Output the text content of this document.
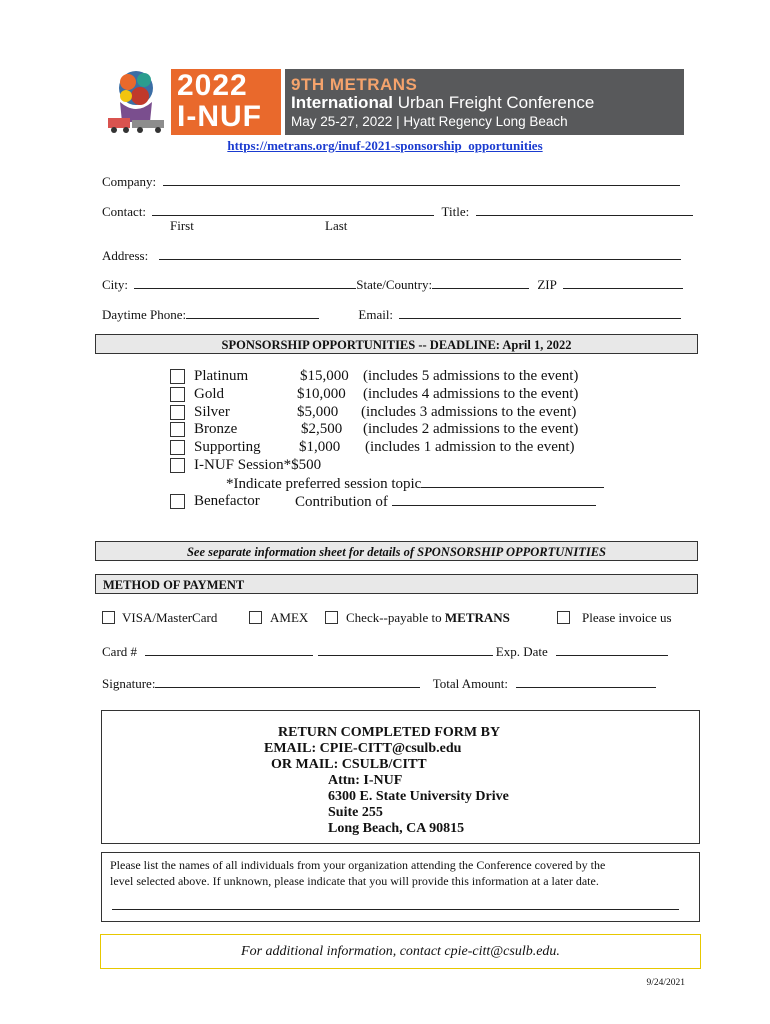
2022
I-NUF
9TH METRANS
International Urban Freight Conference
May 25-27, 2022 | Hyatt Regency Long Beach
https://metrans.org/inuf-2021-sponsorship_opportunities
Company:
Contact:	Title:
First	Last
Address:
City:	State/Country:	ZIP
Daytime Phone:	Email:
SPONSORSHIP OPPORTUNITIES -- DEADLINE: April 1, 2022
Platinum	$15,000 (includes 5 admissions to the event)
Gold	$10,000 (includes 4 admissions to the event)
Silver	$5,000 (includes 3 admissions to the event)
Bronze	$2,500 (includes 2 admissions to the event)
Supporting	$1,000 (includes 1 admission to the event)
I-NUF Session*$500
*Indicate preferred session topic
Benefactor Contribution of
See separate information sheet for details of SPONSORSHIP OPPORTUNITIES
METHOD OF PAYMENT
VISA/MasterCard	AMEX	Check--payable to METRANS	Please invoice us
Card #	Exp. Date
Signature:	Total Amount:
RETURN COMPLETED FORM BY
EMAIL: CPIE-CITT@csulb.edu
OR MAIL: CSULB/CITT
Attn: I-NUF
6300 E. State University Drive
Suite 255
Long Beach, CA 90815
Please list the names of all individuals from your organization attending the Conference covered by the
level selected above. If unknown, please indicate that you will provide this information at a later date.
For additional information, contact cpie-citt@csulb.edu.
9/24/2021
